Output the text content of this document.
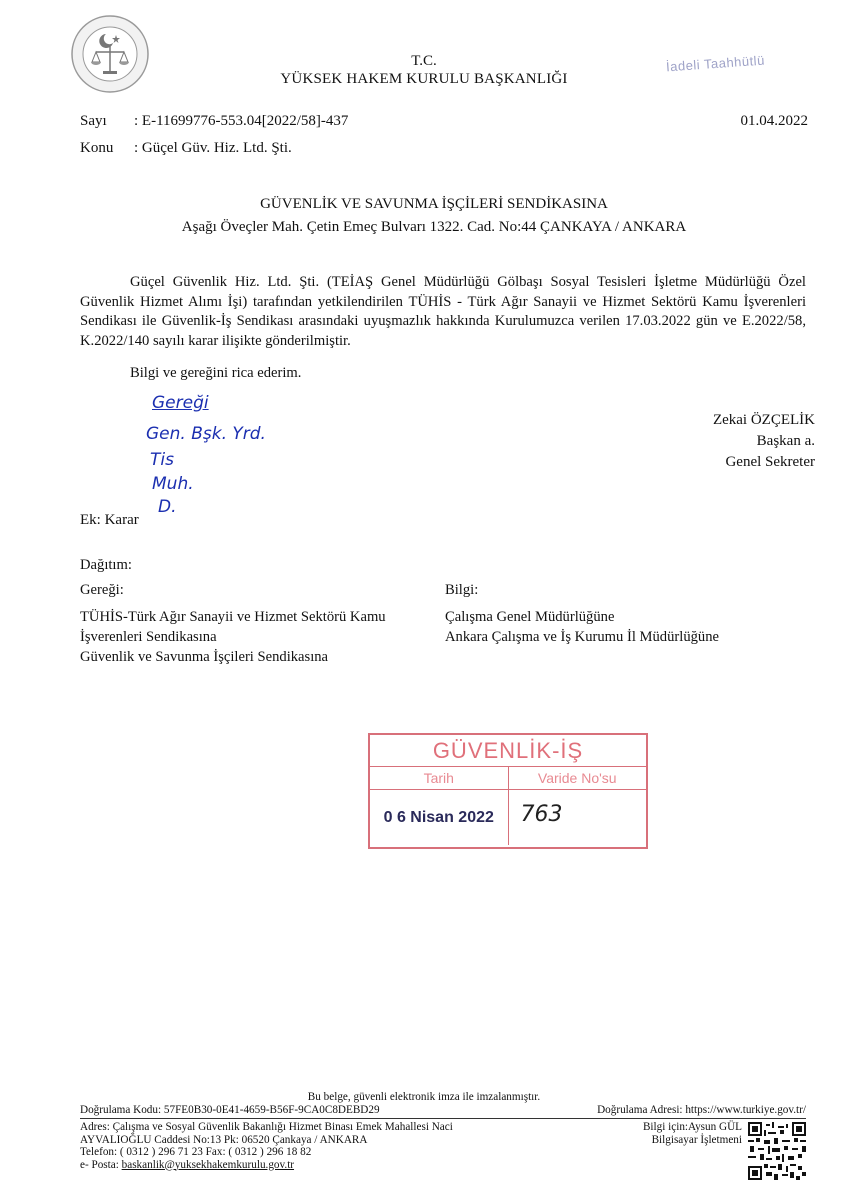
T.C.
YÜKSEK HAKEM KURULU BAŞKANLIĞI
İadeli Taahhütlü
Sayı : E-11699776-553.04[2022/58]-437
Konu : Güçel Güv. Hiz. Ltd. Şti.
01.04.2022
GÜVENLİK VE SAVUNMA İŞÇİLERİ SENDİKASINA
Aşağı Öveçler Mah. Çetin Emeç Bulvarı 1322. Cad. No:44 ÇANKAYA / ANKARA
Güçel Güvenlik Hiz. Ltd. Şti. (TEİAŞ Genel Müdürlüğü Gölbaşı Sosyal Tesisleri İşletme Müdürlüğü Özel Güvenlik Hizmet Alımı İşi) tarafından yetkilendirilen TÜHİS - Türk Ağır Sanayii ve Hizmet Sektörü Kamu İşverenleri Sendikası ile Güvenlik-İş Sendikası arasındaki uyuşmazlık hakkında Kurulumuzca verilen 17.03.2022 gün ve E.2022/58, K.2022/140 sayılı karar ilişikte gönderilmiştir.
Bilgi ve gereğini rica ederim.
Gereği
Gen. Bşk. Yrd.
Tis
Muh.
D.
Zekai ÖZÇELİK
Başkan a.
Genel Sekreter
Ek: Karar
Dağıtım:
Gereği:
TÜHİS-Türk Ağır Sanayii ve Hizmet Sektörü Kamu
İşverenleri Sendikasına
Güvenlik ve Savunma İşçileri Sendikasına
Bilgi:
Çalışma Genel Müdürlüğüne
Ankara Çalışma ve İş Kurumu İl Müdürlüğüne
GÜVENLİK-İŞ
Tarih	Varide No'su
0 6 Nisan 2022	763
Bu belge, güvenli elektronik imza ile imzalanmıştır.
Doğrulama Kodu: 57FE0B30-0E41-4659-B56F-9CA0C8DEBD29	Doğrulama Adresi: https://www.turkiye.gov.tr/
Adres: Çalışma ve Sosyal Güvenlik Bakanlığı Hizmet Binası Emek Mahallesi Naci
AYVALIOĞLU Caddesi No:13 Pk: 06520 Çankaya / ANKARA
Telefon: ( 0312 ) 296 71 23 Fax: ( 0312 ) 296 18 82
e- Posta: baskanlik@yuksekhakemkurulu.gov.tr
Bilgi için:Aysun GÜL
Bilgisayar İşletmeni
